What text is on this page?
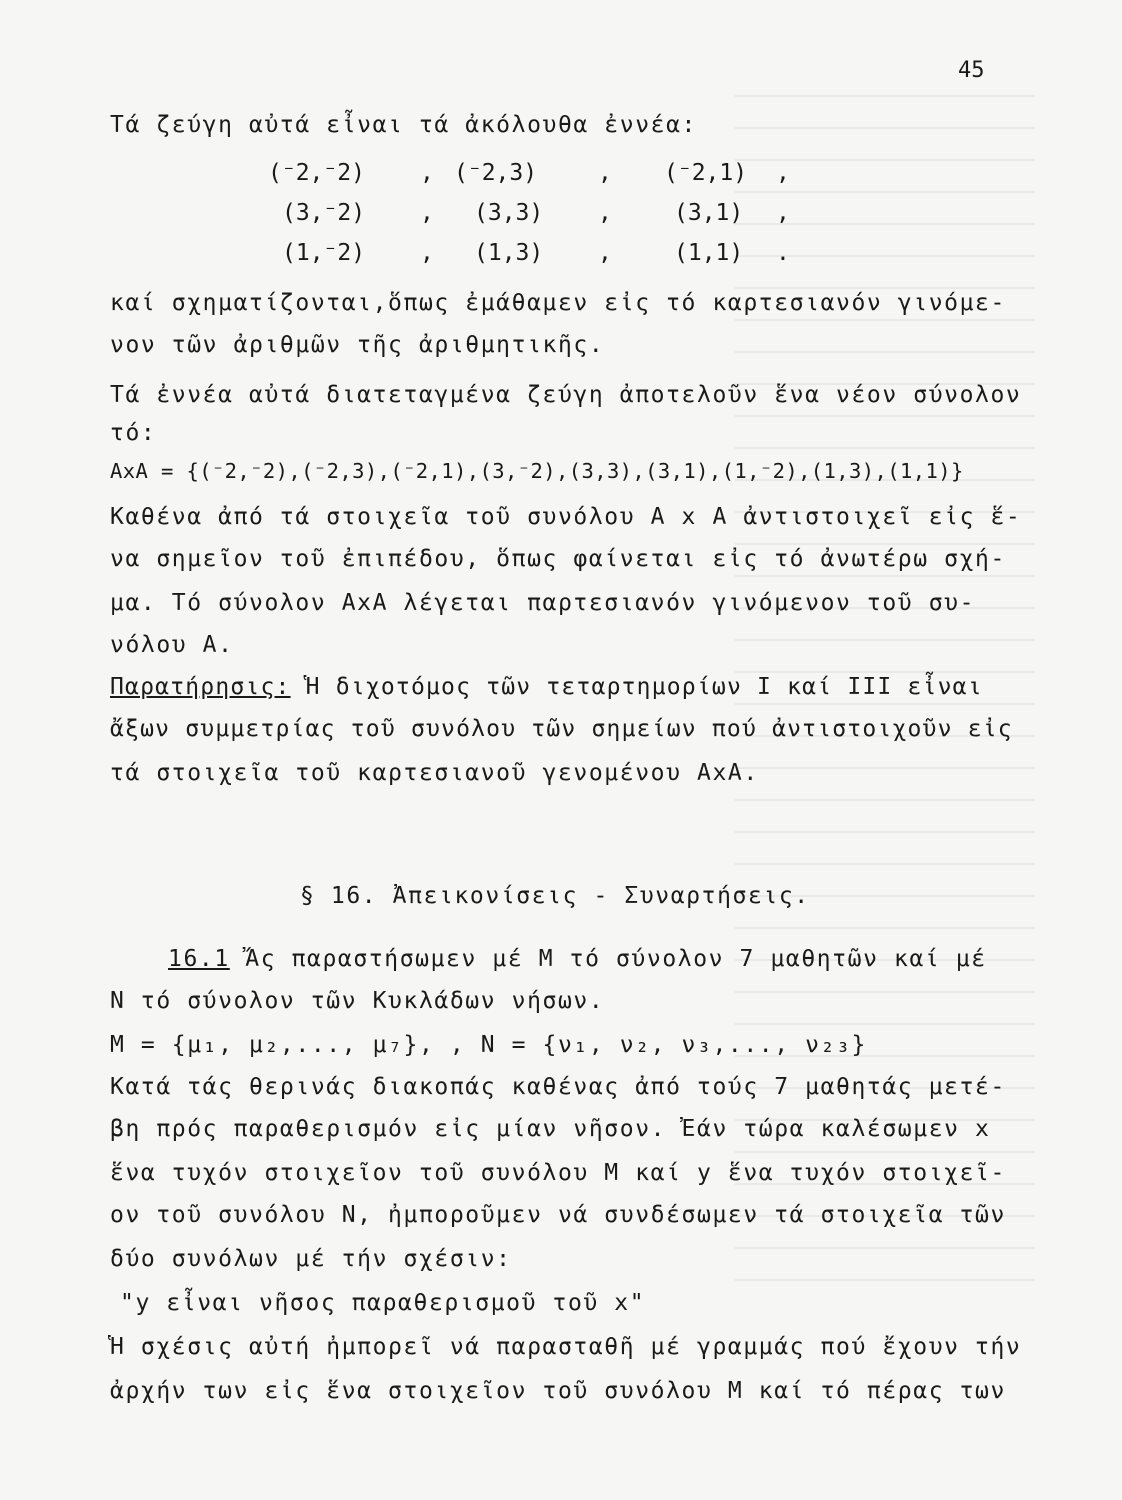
45
Τά ζεύγη αὐτά εἶναι τά ἀκόλουθα ἐννέα:
(⁻2,⁻2) , (⁻2,3)	, (⁻2,1) ,
(3,⁻2) , (3,3) ,	(3,1) ,
(1,⁻2) , (1,3) ,	(1,1) .
καί σχηματίζονται,ὅπως ἐμάθαμεν εἰς τό καρτεσιανόν γινόμε-
νον τῶν ἀριθμῶν τῆς ἀριθμητικῆς.
Τά ἐννέα αὐτά διατεταγμένα ζεύγη ἀποτελοῦν ἕνα νέον σύνολον
τό:
ΑxΑ = {(⁻2,⁻2),(⁻2,3),(⁻2,1),(3,⁻2),(3,3),(3,1),(1,⁻2),(1,3),(1,1)}
Καθένα ἀπό τά στοιχεῖα τοῦ συνόλου Α x Α ἀντιστοιχεῖ εἰς ἕ-
να σημεῖον τοῦ ἐπιπέδου, ὅπως φαίνεται εἰς τό ἀνωτέρω σχή-
μα. Τό σύνολον ΑxΑ λέγεται παρτεσιανόν γινόμενον τοῦ συ-
νόλου Α.
Παρατήρησις: Ἡ διχοτόμος τῶν τεταρτημορίων Ι καί ΙΙΙ εἶναι
ἄξων συμμετρίας τοῦ συνόλου τῶν σημείων πού ἀντιστοιχοῦν εἰς
τά στοιχεῖα τοῦ καρτεσιανοῦ γενομένου ΑxΑ.
§ 16. Ἀπεικονίσεις - Συναρτήσεις.
16.1 Ἄς παραστήσωμεν μέ Μ τό σύνολον 7 μαθητῶν καί μέ
Ν τό σύνολον τῶν Κυκλάδων νήσων.
Μ = {μ₁, μ₂,..., μ₇}, , Ν = {ν₁, ν₂, ν₃,..., ν₂₃}
Κατά τάς θερινάς διακοπάς καθένας ἀπό τούς 7 μαθητάς μετέ-
βη πρός παραθερισμόν εἰς μίαν νῆσον. Ἐάν τώρα καλέσωμεν x
ἕνα τυχόν στοιχεῖον τοῦ συνόλου Μ καί y ἕνα τυχόν στοιχεῖ-
ον τοῦ συνόλου Ν, ἠμποροῦμεν νά συνδέσωμεν τά στοιχεῖα τῶν
δύο συνόλων μέ τήν σχέσιν:
"y εἶναι νῆσος παραθερισμοῦ τοῦ x"
Ἡ σχέσις αὐτή ἠμπορεῖ νά παρασταθῆ μέ γραμμάς πού ἔχουν τήν
ἀρχήν των εἰς ἕνα στοιχεῖον τοῦ συνόλου Μ καί τό πέρας των
